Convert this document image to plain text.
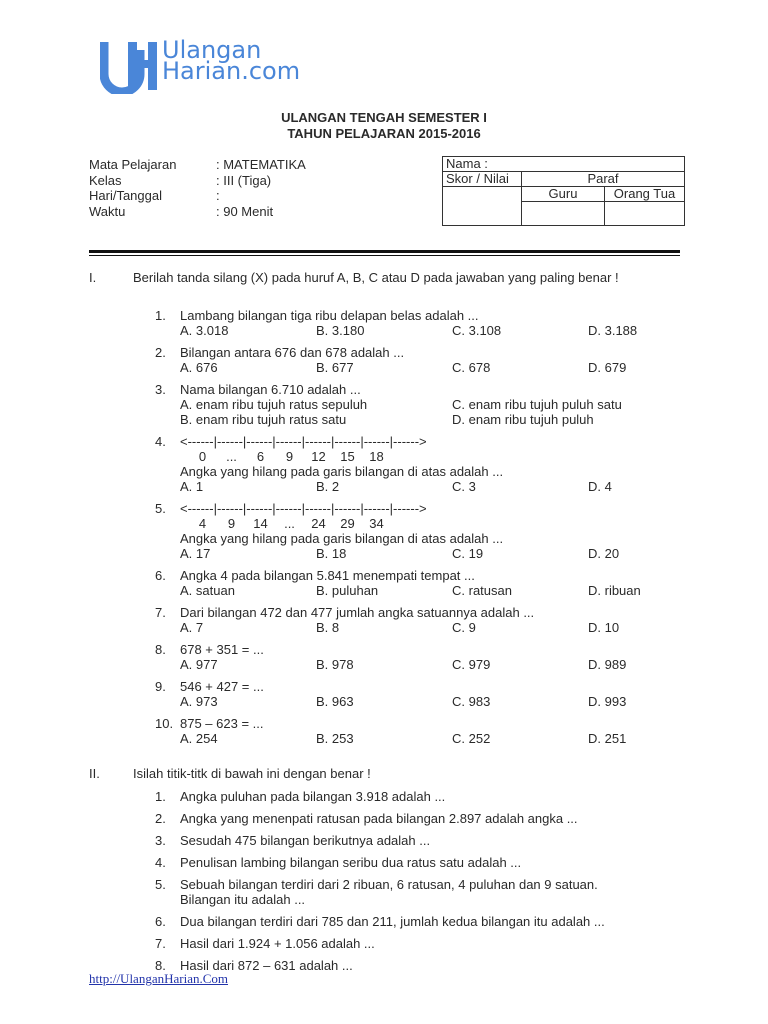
Ulangan
Harian.com
ULANGAN TENGAH SEMESTER I
TAHUN PELAJARAN 2015-2016
Mata Pelajaran	: MATEMATIKA
Kelas	: III (Tiga)
Hari/Tanggal	:
Waktu	: 90 Menit
Nama :		
Skor / Nilai	Paraf	
	Guru	Orang Tua

I.	Berilah tanda silang (X) pada huruf A, B, C atau D pada jawaban yang paling benar !
1. Lambang bilangan tiga ribu delapan belas adalah ...
A. 3.018	B. 3.180	C. 3.108	D. 3.188
2. Bilangan antara 676 dan 678 adalah ...
A. 676	B. 677	C. 678	D. 679
3. Nama bilangan 6.710 adalah ...
A. enam ribu tujuh ratus sepuluh	C. enam ribu tujuh puluh satu
B. enam ribu tujuh ratus satu	D. enam ribu tujuh puluh
4. <------|------|------|------|------|------|------|------>
0 ... 6 9 12 15 18
Angka yang hilang pada garis bilangan di atas adalah ...
A. 1	B. 2	C. 3	D. 4
5. <------|------|------|------|------|------|------|------>
4 9 14 ... 24 29 34
Angka yang hilang pada garis bilangan di atas adalah ...
A. 17	B. 18	C. 19	D. 20
6. Angka 4 pada bilangan 5.841 menempati tempat ...
A. satuan	B. puluhan	C. ratusan	D. ribuan
7. Dari bilangan 472 dan 477 jumlah angka satuannya adalah ...
A. 7	B. 8	C. 9	D. 10
8. 678 + 351 = ...
A. 977	B. 978	C. 979	D. 989
9. 546 + 427 = ...
A. 973	B. 963	C. 983	D. 993
10. 875 – 623 = ...
A. 254	B. 253	C. 252	D. 251
II.	Isilah titik-titk di bawah ini dengan benar !
1. Angka puluhan pada bilangan 3.918 adalah ...
2. Angka yang menenpati ratusan pada bilangan 2.897 adalah angka ...
3. Sesudah 475 bilangan berikutnya adalah ...
4. Penulisan lambing bilangan seribu dua ratus satu adalah ...
5. Sebuah bilangan terdiri dari 2 ribuan, 6 ratusan, 4 puluhan dan 9 satuan.
Bilangan itu adalah ...
6. Dua bilangan terdiri dari 785 dan 211, jumlah kedua bilangan itu adalah ...
7. Hasil dari 1.924 + 1.056 adalah ...
8. Hasil dari 872 – 631 adalah ...
http://UlanganHarian.Com
